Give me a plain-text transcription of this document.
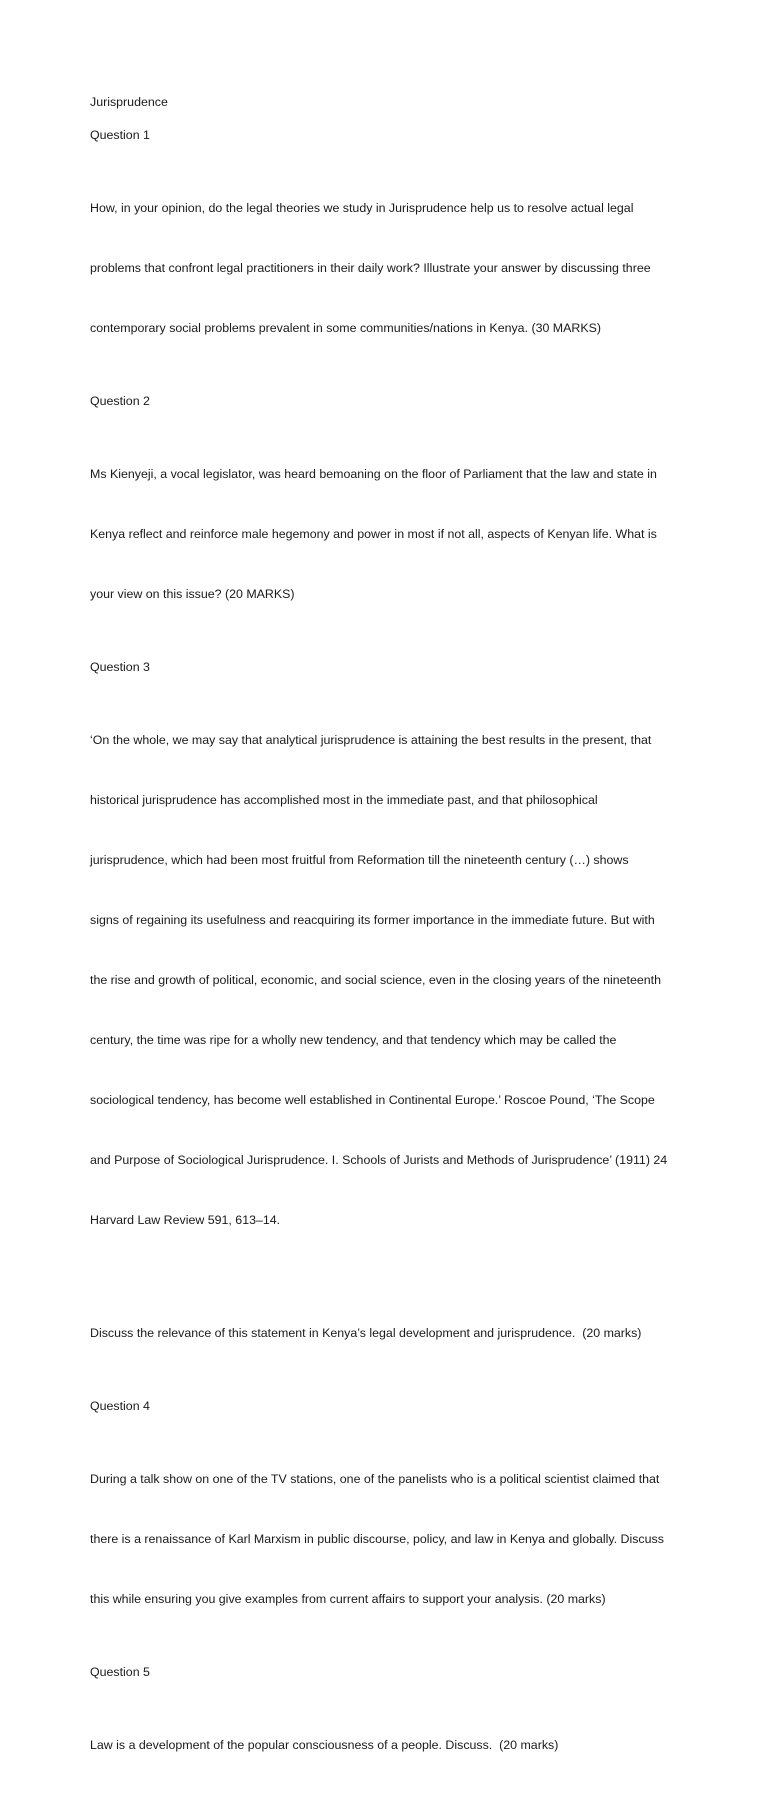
Jurisprudence

Question 1

How, in your opinion, do the legal theories we study in Jurisprudence help us to resolve actual legal

problems that confront legal practitioners in their daily work? Illustrate your answer by discussing three

contemporary social problems prevalent in some communities/nations in Kenya. (30 MARKS)

Question 2

Ms Kienyeji, a vocal legislator, was heard bemoaning on the floor of Parliament that the law and state in

Kenya reflect and reinforce male hegemony and power in most if not all, aspects of Kenyan life. What is

your view on this issue? (20 MARKS)

Question 3

‘On the whole, we may say that analytical jurisprudence is attaining the best results in the present, that

historical jurisprudence has accomplished most in the immediate past, and that philosophical

jurisprudence, which had been most fruitful from Reformation till the nineteenth century (…) shows

signs of regaining its usefulness and reacquiring its former importance in the immediate future. But with

the rise and growth of political, economic, and social science, even in the closing years of the nineteenth

century, the time was ripe for a wholly new tendency, and that tendency which may be called the

sociological tendency, has become well established in Continental Europe.’ Roscoe Pound, ‘The Scope

and Purpose of Sociological Jurisprudence. I. Schools of Jurists and Methods of Jurisprudence’ (1911) 24

Harvard Law Review 591, 613–14.

Discuss the relevance of this statement in Kenya’s legal development and jurisprudence.  (20 marks)

Question 4

During a talk show on one of the TV stations, one of the panelists who is a political scientist claimed that

there is a renaissance of Karl Marxism in public discourse, policy, and law in Kenya and globally. Discuss

this while ensuring you give examples from current affairs to support your analysis. (20 marks)

Question 5

Law is a development of the popular consciousness of a people. Discuss.  (20 marks)
